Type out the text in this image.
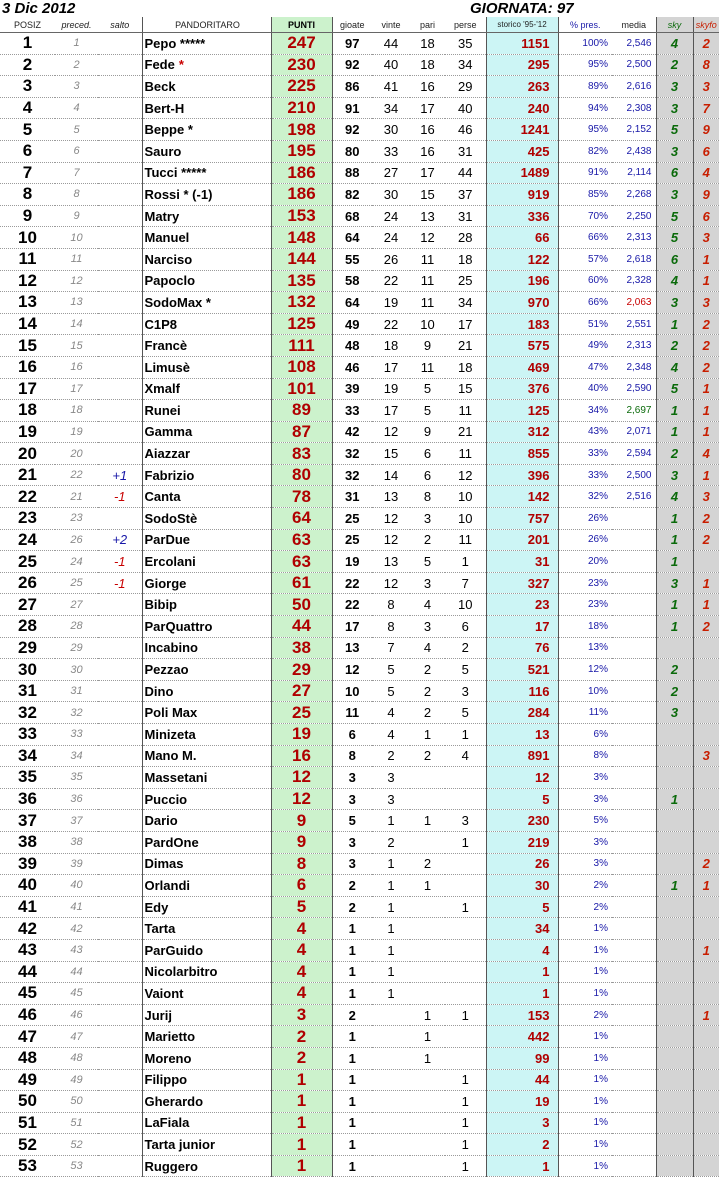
3 Dic 2012	GIORNATA: 97
POSIZ	preced.	salto	PANDORITARO	PUNTI	gioate	vinte	pari	perse	storico '95-'12	% pres.	media	sky	skyfo
1	1		Pepo *****	247	97	44	18	35	1151	100%	2,546	4	2
2	2		Fede *	230	92	40	18	34	295	95%	2,500	2	8
3	3		Beck	225	86	41	16	29	263	89%	2,616	3	3
4	4		Bert-H	210	91	34	17	40	240	94%	2,308	3	7
5	5		Beppe *	198	92	30	16	46	1241	95%	2,152	5	9
6	6		Sauro	195	80	33	16	31	425	82%	2,438	3	6
7	7		Tucci *****	186	88	27	17	44	1489	91%	2,114	6	4
8	8		Rossi * (-1)	186	82	30	15	37	919	85%	2,268	3	9
9	9		Matry	153	68	24	13	31	336	70%	2,250	5	6
10	10		Manuel	148	64	24	12	28	66	66%	2,313	5	3
11	11		Narciso	144	55	26	11	18	122	57%	2,618	6	1
12	12		Papoclo	135	58	22	11	25	196	60%	2,328	4	1
13	13		SodoMax *	132	64	19	11	34	970	66%	2,063	3	3
14	14		C1P8	125	49	22	10	17	183	51%	2,551	1	2
15	15		Francè	111	48	18	9	21	575	49%	2,313	2	2
16	16		Limusè	108	46	17	11	18	469	47%	2,348	4	2
17	17		Xmalf	101	39	19	5	15	376	40%	2,590	5	1
18	18		Runei	89	33	17	5	11	125	34%	2,697	1	1
19	19		Gamma	87	42	12	9	21	312	43%	2,071	1	1
20	20		Aiazzar	83	32	15	6	11	855	33%	2,594	2	4
21	22	+1	Fabrizio	80	32	14	6	12	396	33%	2,500	3	1
22	21	-1	Canta	78	31	13	8	10	142	32%	2,516	4	3
23	23		SodoStè	64	25	12	3	10	757	26%		1	2
24	26	+2	ParDue	63	25	12	2	11	201	26%		1	2
25	24	-1	Ercolani	63	19	13	5	1	31	20%		1	
26	25	-1	Giorge	61	22	12	3	7	327	23%		3	1
27	27		Bibip	50	22	8	4	10	23	23%		1	1
28	28		ParQuattro	44	17	8	3	6	17	18%		1	2
29	29		Incabino	38	13	7	4	2	76	13%			
30	30		Pezzao	29	12	5	2	5	521	12%		2	
31	31		Dino	27	10	5	2	3	116	10%		2	
32	32		Poli Max	25	11	4	2	5	284	11%		3	
33	33		Minizeta	19	6	4	1	1	13	6%			
34	34		Mano M.	16	8	2	2	4	891	8%			3
35	35		Massetani	12	3	3			12	3%			
36	36		Puccio	12	3	3			5	3%		1	
37	37		Dario	9	5	1	1	3	230	5%			
38	38		PardOne	9	3	2		1	219	3%			
39	39		Dimas	8	3	1	2		26	3%			2
40	40		Orlandi	6	2	1	1		30	2%		1	1
41	41		Edy	5	2	1		1	5	2%			
42	42		Tarta	4	1	1			34	1%			
43	43		ParGuido	4	1	1			4	1%			1
44	44		Nicolarbitro	4	1	1			1	1%			
45	45		Vaiont	4	1	1			1	1%			
46	46		Jurij	3	2		1	1	153	2%			1
47	47		Marietto	2	1		1		442	1%			
48	48		Moreno	2	1		1		99	1%			
49	49		Filippo	1	1			1	44	1%			
50	50		Gherardo	1	1			1	19	1%			
51	51		LaFiala	1	1			1	3	1%			
52	52		Tarta junior	1	1			1	2	1%			
53	53		Ruggero	1	1			1	1	1%			
